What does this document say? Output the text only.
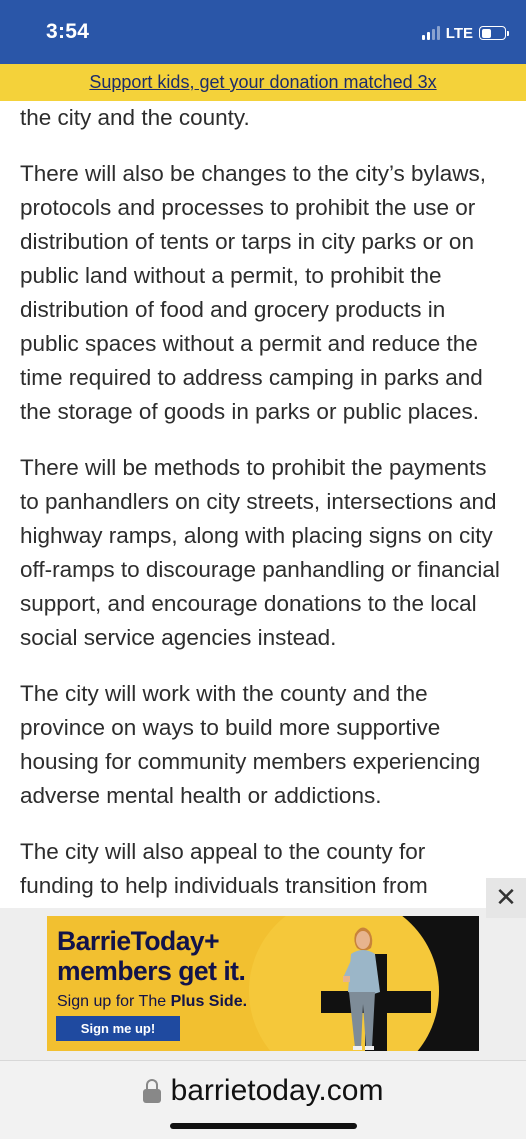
3:54	LTE
Support kids, get your donation matched 3x

the city and the county.

There will also be changes to the city’s bylaws, protocols and processes to prohibit the use or distribution of tents or tarps in city parks or on public land without a permit, to prohibit the distribution of food and grocery products in public spaces without a permit and reduce the time required to address camping in parks and the storage of goods in parks or public places.

There will be methods to prohibit the payments to panhandlers on city streets, intersections and highway ramps, along with placing signs on city off-ramps to discourage panhandling or financial support, and encourage donations to the local social service agencies instead.

The city will work with the county and the province on ways to build more supportive housing for community members experiencing adverse mental health or addictions.

The city will also appeal to the county for funding to help individuals transition from	✕
BarrieToday+
members get it.
Sign up for The Plus Side.
Sign me up!
barrietoday.com
